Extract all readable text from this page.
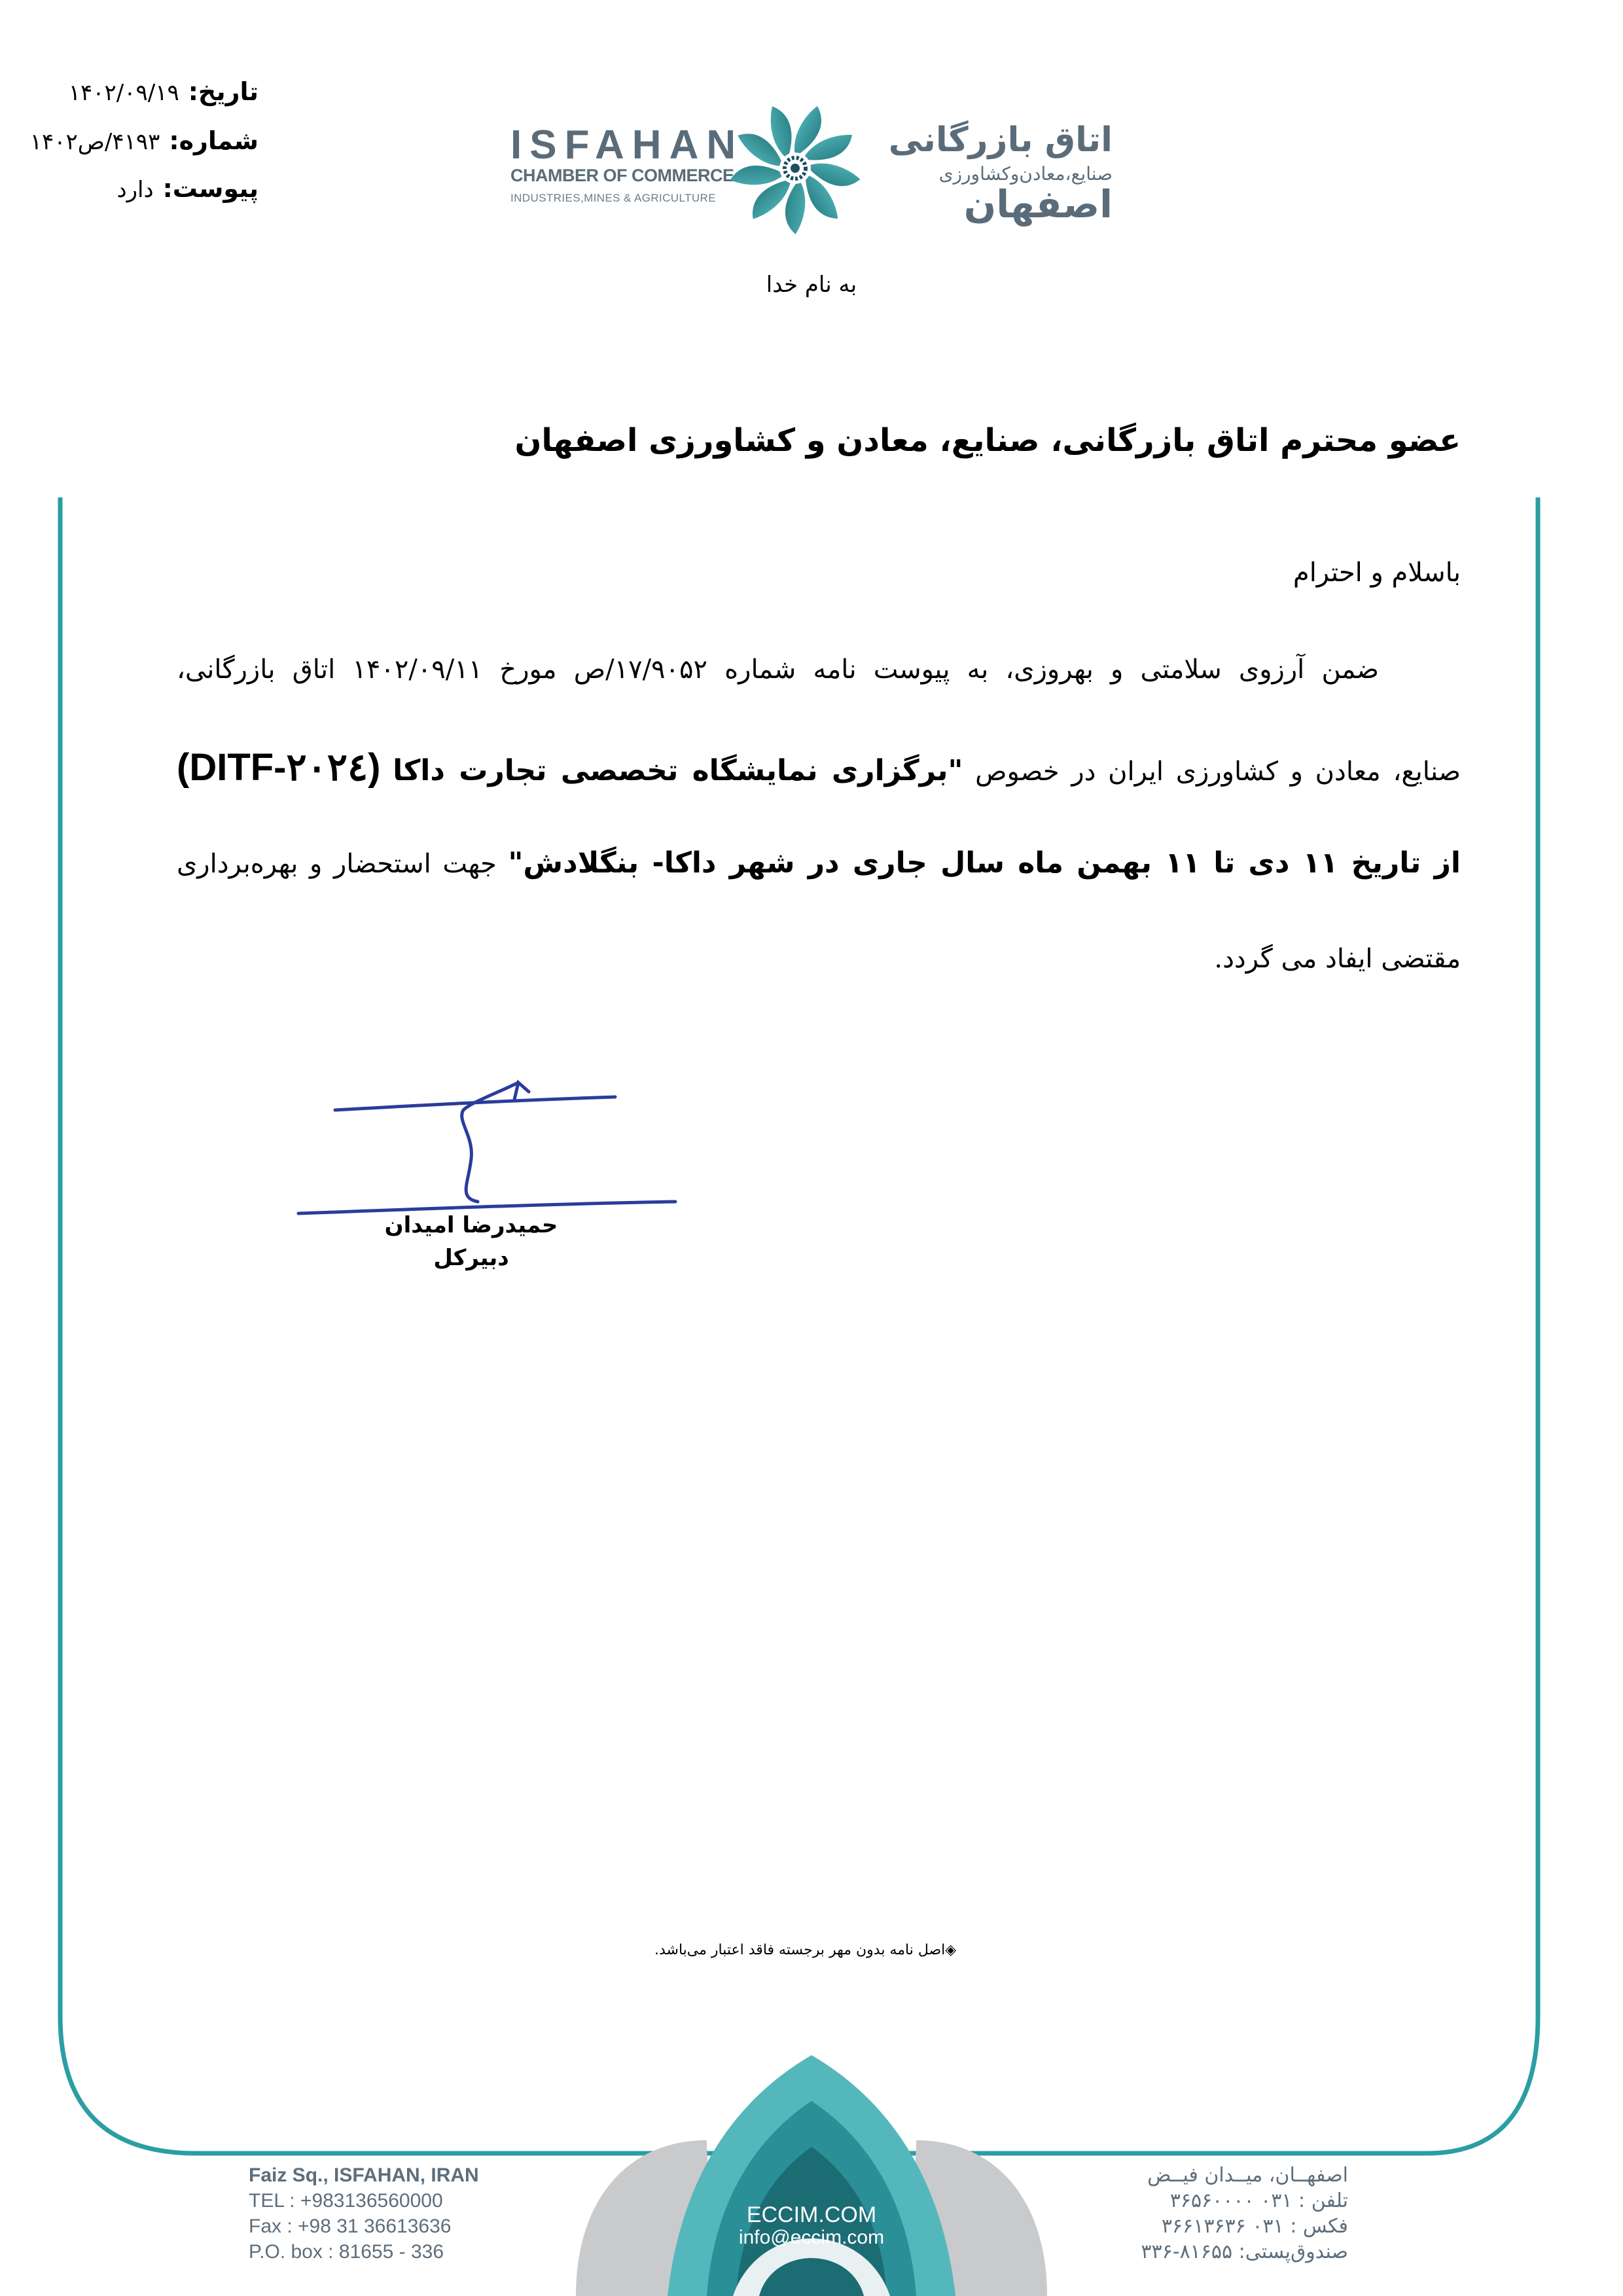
تاریخ:۱۴۰۲/۰۹/۱۹
شماره:۴۱۹۳/ص۱۴۰۲
پیوست:دارد
ISFAHAN
CHAMBER OF COMMERCE
INDUSTRIES,MINES & AGRICULTURE
اتاق بازرگانی
صنایع،معادن‌وکشاورزی
اصفهان
به نام خدا
عضو محترم اتاق بازرگانی، صنایع، معادن و کشاورزی اصفهان
باسلام و احترام
ضمن آرزوی سلامتی و بهروزی، به پیوست نامه شماره ۱۷/۹۰۵۲/ص مورخ ۱۴۰۲/۰۹/۱۱ اتاق بازرگانی،
صنایع، معادن و کشاورزی ایران در خصوص "برگزاری نمایشگاه تخصصی تجارت داکا (DITF-۲۰۲٤)
از تاریخ ۱۱ دی تا ۱۱ بهمن ماه سال جاری در شهر داکا- بنگلادش" جهت استحضار و بهره‌برداری
مقتضی ایفاد می گردد.
حمیدرضا امیدان
دبیرکل
◈اصل نامه بدون مهر برجسته فاقد اعتبار می‌باشد.
ECCIM.COM
info@eccim.com
Faiz Sq., ISFAHAN, IRAN
TEL : +983136560000
Fax : +98 31 36613636
P.O. box : 81655 - 336
اصفهــان، میــدان فیــض
تلفن : ۰۳۱ ۳۶۵۶۰۰۰۰
فکس : ۰۳۱ ۳۶۶۱۳۶۳۶
صندوق‌پستی: ۸۱۶۵۵-۳۳۶
